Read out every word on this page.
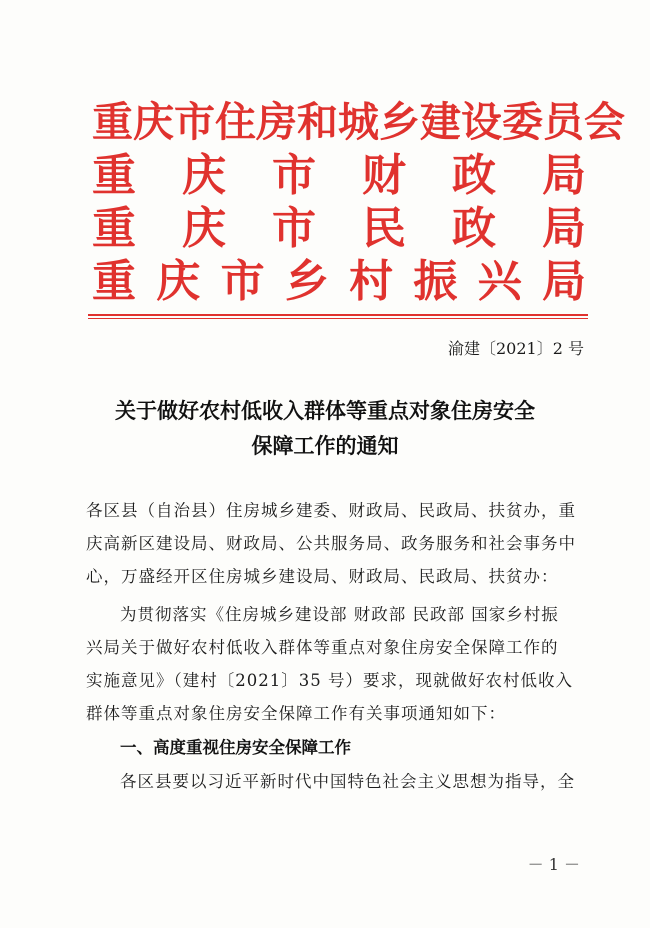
重 庆 市 住 房 和 城 乡 建 设 委 员 会
重 庆 市 财 政 局
重 庆 市 民 政 局
重 庆 市 乡 村 振 兴 局
渝建〔2021〕2 号
关于做好农村低收入群体等重点对象住房安全
保障工作的通知
各区县（自治县）住房城乡建委、财政局、民政局、扶贫办，重
庆高新区建设局、财政局、公共服务局、政务服务和社会事务中
心，万盛经开区住房城乡建设局、财政局、民政局、扶贫办：
为贯彻落实《住房城乡建设部 财政部 民政部 国家乡村振
兴局关于做好农村低收入群体等重点对象住房安全保障工作的
实施意见》（建村〔2021〕35 号）要求，现就做好农村低收入
群体等重点对象住房安全保障工作有关事项通知如下：
一、高度重视住房安全保障工作
各区县要以习近平新时代中国特色社会主义思想为指导，全
－ 1 －
